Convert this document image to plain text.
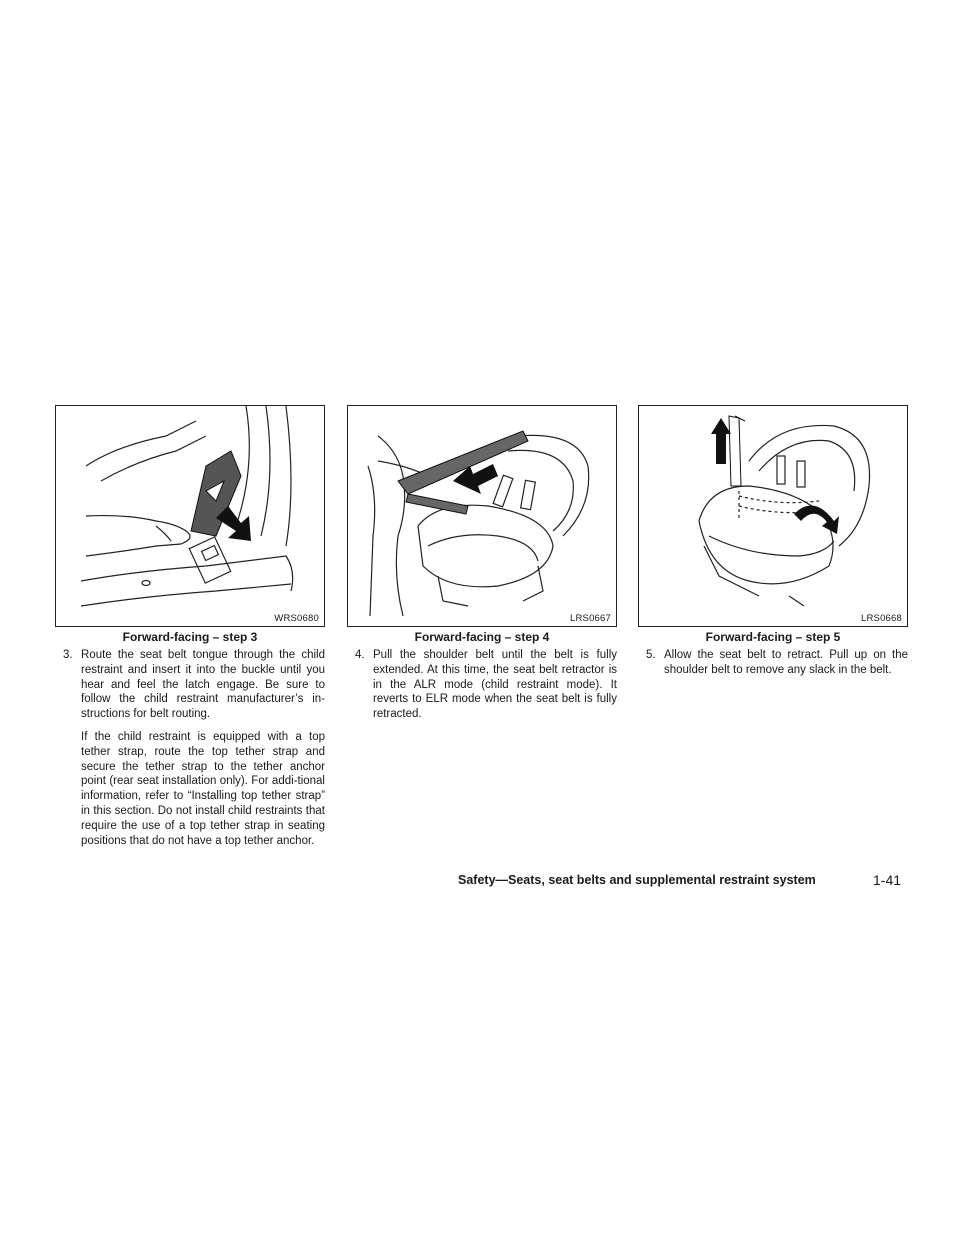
WRS0680
Forward-facing – step 3

3. Route the seat belt tongue through the child restraint and insert it into the buckle until you hear and feel the latch engage. Be sure to follow the child restraint manufacturer’s in-structions for belt routing.

If the child restraint is equipped with a top tether strap, route the top tether strap and secure the tether strap to the tether anchor point (rear seat installation only). For addi-tional information, refer to “Installing top tether strap” in this section. Do not install child restraints that require the use of a top tether strap in seating positions that do not have a top tether anchor.

LRS0667
Forward-facing – step 4

4. Pull the shoulder belt until the belt is fully extended. At this time, the seat belt retractor is in the ALR mode (child restraint mode). It reverts to ELR mode when the seat belt is fully retracted.

LRS0668
Forward-facing – step 5

5. Allow the seat belt to retract. Pull up on the shoulder belt to remove any slack in the belt.

Safety—Seats, seat belts and supplemental restraint system	1-41
